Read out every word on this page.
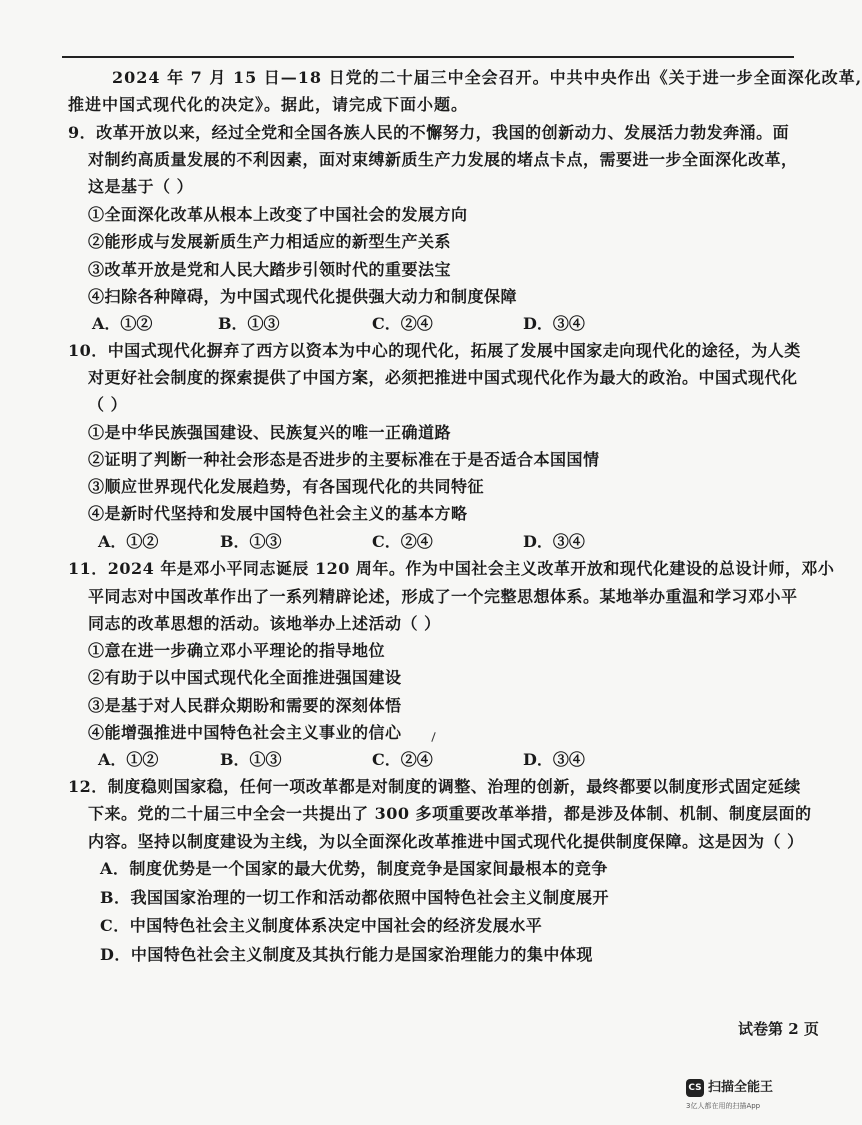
2024 年 7 月 15 日—18 日党的二十届三中全会召开。中共中央作出《关于进一步全面深化改革,
推进中国式现代化的决定》。据此，请完成下面小题。
9．改革开放以来，经过全党和全国各族人民的不懈努力，我国的创新动力、发展活力勃发奔涌。面
对制约高质量发展的不利因素，面对束缚新质生产力发展的堵点卡点，需要进一步全面深化改革，
这是基于（ ）
①全面深化改革从根本上改变了中国社会的发展方向
②能形成与发展新质生产力相适应的新型生产关系
③改革开放是党和人民大踏步引领时代的重要法宝
④扫除各种障碍，为中国式现代化提供强大动力和制度保障
A．①②	B．①③	C．②④	D．③④
10．中国式现代化摒弃了西方以资本为中心的现代化，拓展了发展中国家走向现代化的途径，为人类
对更好社会制度的探索提供了中国方案，必须把推进中国式现代化作为最大的政治。中国式现代化
（ ）
①是中华民族强国建设、民族复兴的唯一正确道路
②证明了判断一种社会形态是否进步的主要标准在于是否适合本国国情
③顺应世界现代化发展趋势，有各国现代化的共同特征
④是新时代坚持和发展中国特色社会主义的基本方略
A．①②	B．①③	C．②④	D．③④
11．2024 年是邓小平同志诞辰 120 周年。作为中国社会主义改革开放和现代化建设的总设计师，邓小
平同志对中国改革作出了一系列精辟论述，形成了一个完整思想体系。某地举办重温和学习邓小平
同志的改革思想的活动。该地举办上述活动（ ）
①意在进一步确立邓小平理论的指导地位
②有助于以中国式现代化全面推进强国建设
③是基于对人民群众期盼和需要的深刻体悟
④能增强推进中国特色社会主义事业的信心
A．①②	B．①③	C．②④	D．③④
12．制度稳则国家稳，任何一项改革都是对制度的调整、治理的创新，最终都要以制度形式固定延续
下来。党的二十届三中全会一共提出了 300 多项重要改革举措，都是涉及体制、机制、制度层面的
内容。坚持以制度建设为主线，为以全面深化改革推进中国式现代化提供制度保障。这是因为（ ）
A．制度优势是一个国家的最大优势，制度竞争是国家间最根本的竞争
B．我国国家治理的一切工作和活动都依照中国特色社会主义制度展开
C．中国特色社会主义制度体系决定中国社会的经济发展水平
D．中国特色社会主义制度及其执行能力是国家治理能力的集中体现
试卷第 2 页
CS 扫描全能王
3亿人都在用的扫描App
